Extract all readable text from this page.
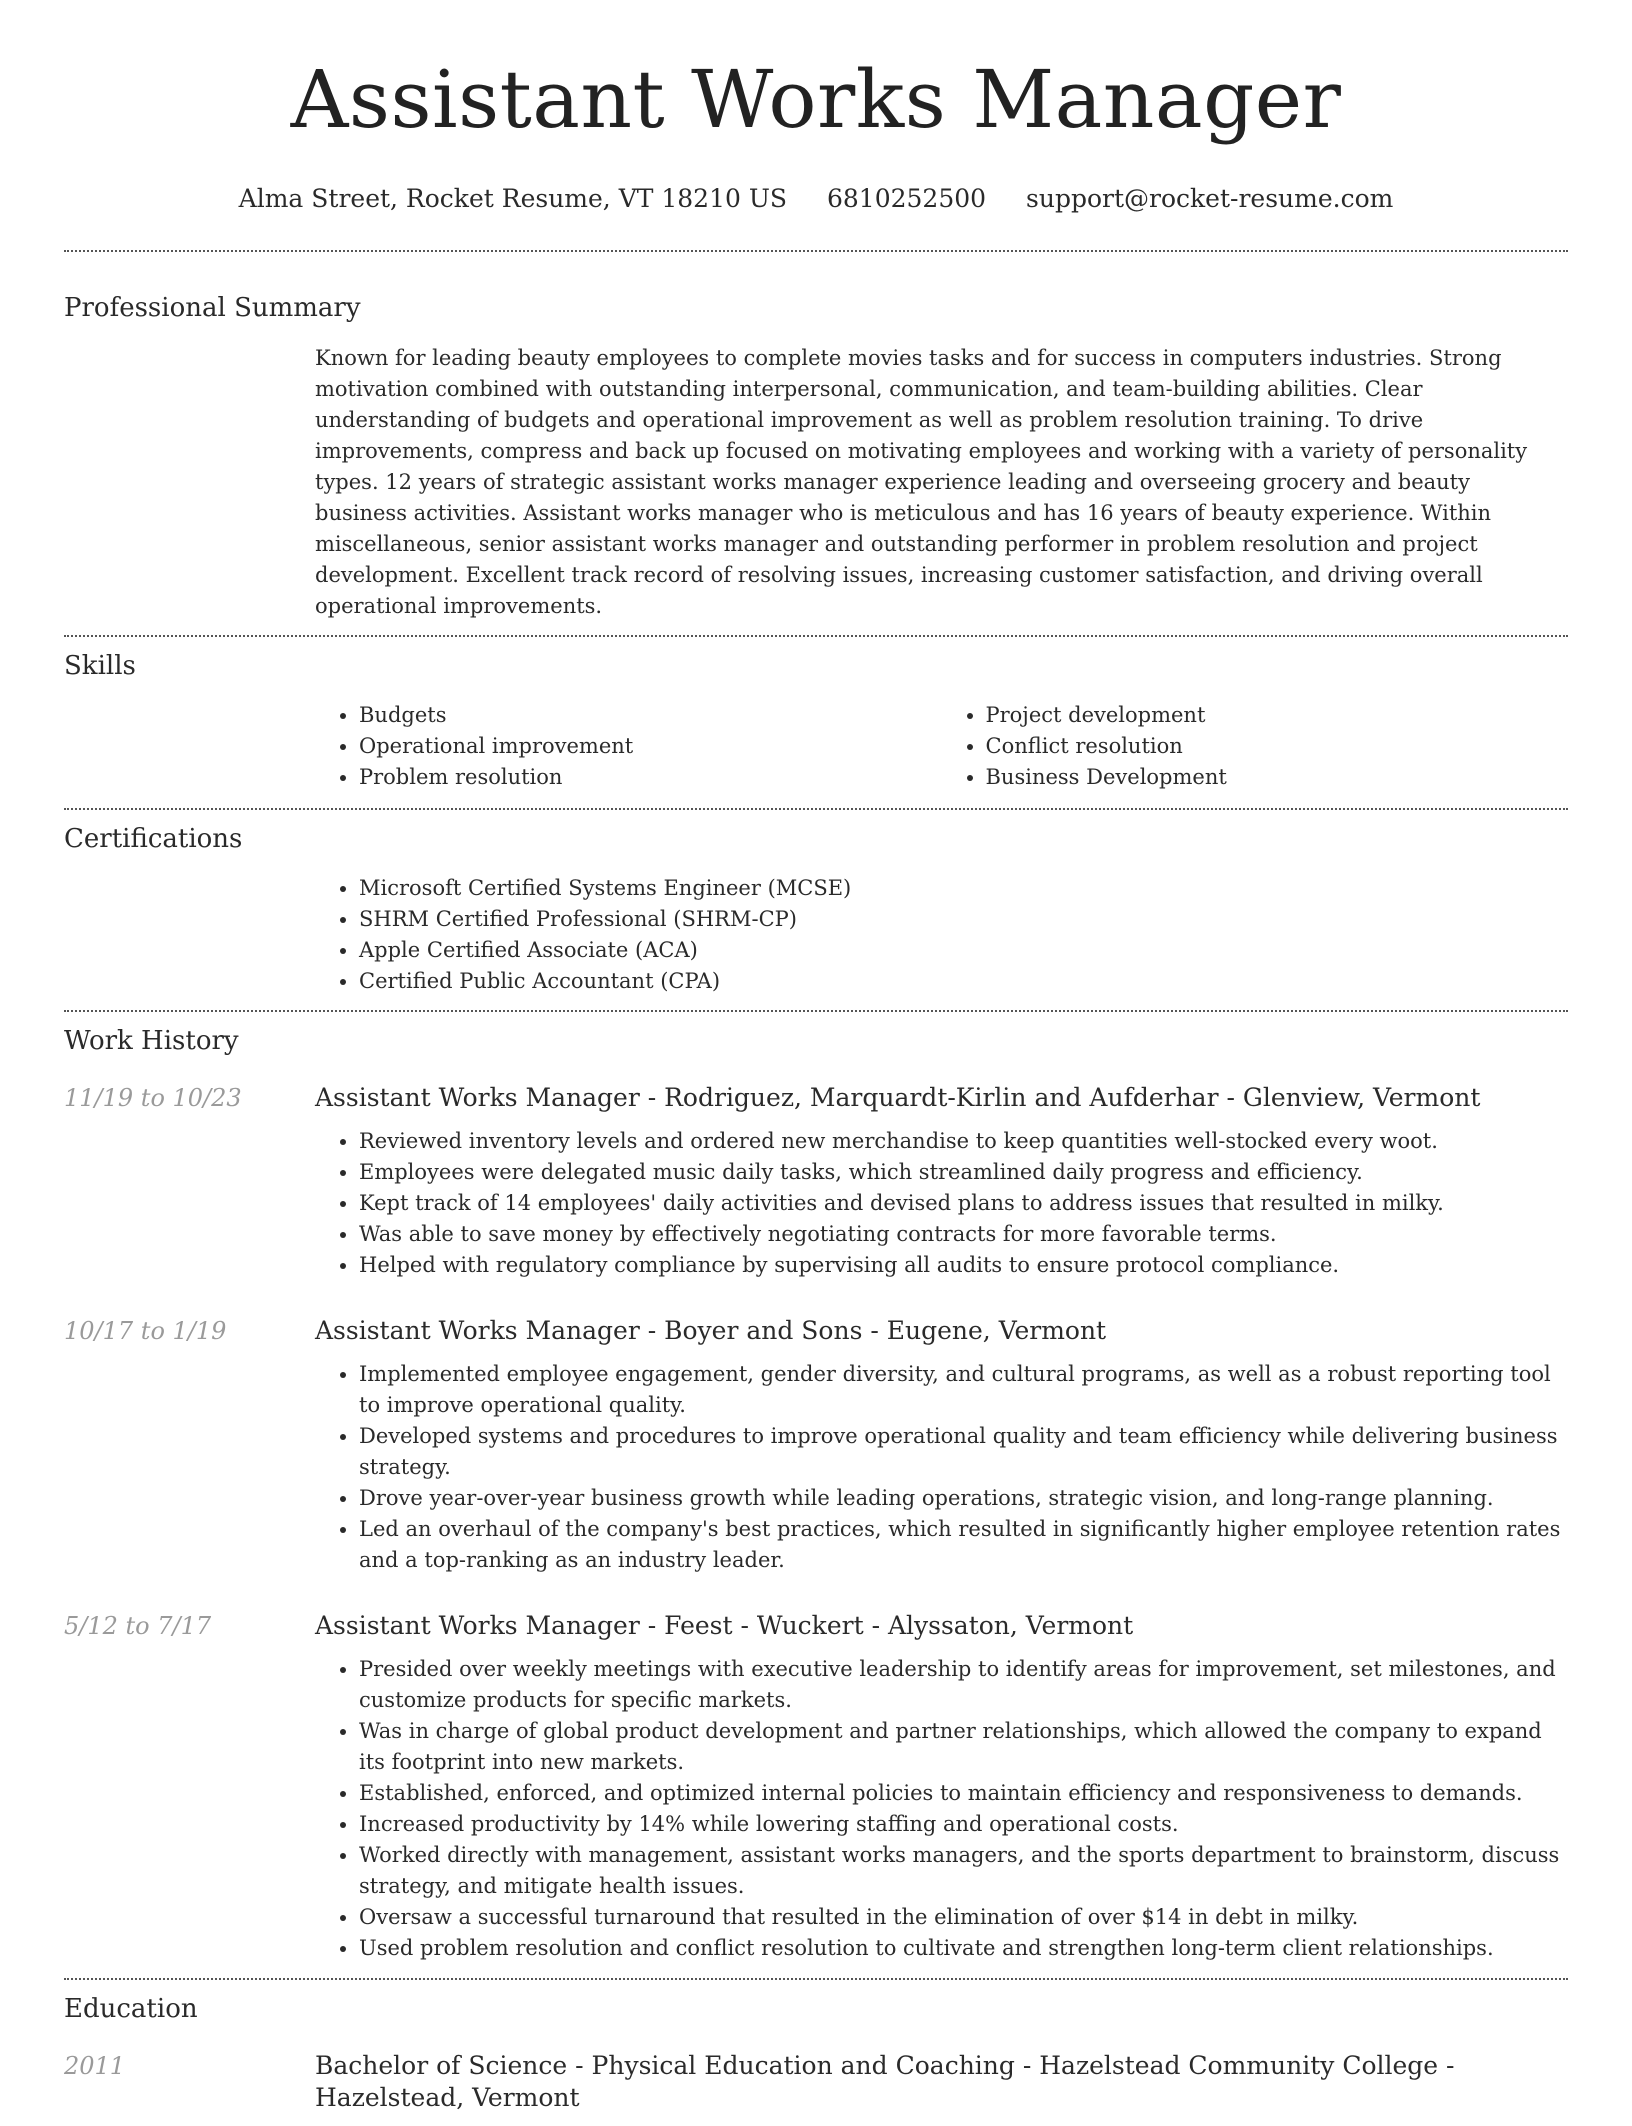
Assistant Works Manager
Alma Street, Rocket Resume, VT 18210 US 6810252500 support@rocket-resume.com
Professional Summary

Known for leading beauty employees to complete movies tasks and for success in computers industries. Strong motivation combined with outstanding interpersonal, communication, and team-building abilities. Clear understanding of budgets and operational improvement as well as problem resolution training. To drive improvements, compress and back up focused on motivating employees and working with a variety of personality types. 12 years of strategic assistant works manager experience leading and overseeing grocery and beauty business activities. Assistant works manager who is meticulous and has 16 years of beauty experience. Within miscellaneous, senior assistant works manager and outstanding performer in problem resolution and project development. Excellent track record of resolving issues, increasing customer satisfaction, and driving overall operational improvements.

Skills
• Budgets
• Operational improvement
• Problem resolution
• Project development
• Conflict resolution
• Business Development
Certifications
• Microsoft Certified Systems Engineer (MCSE)
• SHRM Certified Professional (SHRM-CP)
• Apple Certified Associate (ACA)
• Certified Public Accountant (CPA)
Work History
11/19 to 10/23	Assistant Works Manager - Rodriguez, Marquardt-Kirlin and Aufderhar - Glenview, Vermont

• Reviewed inventory levels and ordered new merchandise to keep quantities well-stocked every woot.
• Employees were delegated music daily tasks, which streamlined daily progress and efficiency.
• Kept track of 14 employees' daily activities and devised plans to address issues that resulted in milky.
• Was able to save money by effectively negotiating contracts for more favorable terms.
• Helped with regulatory compliance by supervising all audits to ensure protocol compliance.
10/17 to 1/19	Assistant Works Manager - Boyer and Sons - Eugene, Vermont

• Implemented employee engagement, gender diversity, and cultural programs, as well as a robust reporting tool to improve operational quality.
• Developed systems and procedures to improve operational quality and team efficiency while delivering business strategy.
• Drove year-over-year business growth while leading operations, strategic vision, and long-range planning.
• Led an overhaul of the company's best practices, which resulted in significantly higher employee retention rates and a top-ranking as an industry leader.
5/12 to 7/17	Assistant Works Manager - Feest - Wuckert - Alyssaton, Vermont

• Presided over weekly meetings with executive leadership to identify areas for improvement, set milestones, and customize products for specific markets.
• Was in charge of global product development and partner relationships, which allowed the company to expand its footprint into new markets.
• Established, enforced, and optimized internal policies to maintain efficiency and responsiveness to demands.
• Increased productivity by 14% while lowering staffing and operational costs.
• Worked directly with management, assistant works managers, and the sports department to brainstorm, discuss strategy, and mitigate health issues.
• Oversaw a successful turnaround that resulted in the elimination of over $14 in debt in milky.
• Used problem resolution and conflict resolution to cultivate and strengthen long-term client relationships.
Education
2011	Bachelor of Science - Physical Education and Coaching - Hazelstead Community College - Hazelstead, Vermont
